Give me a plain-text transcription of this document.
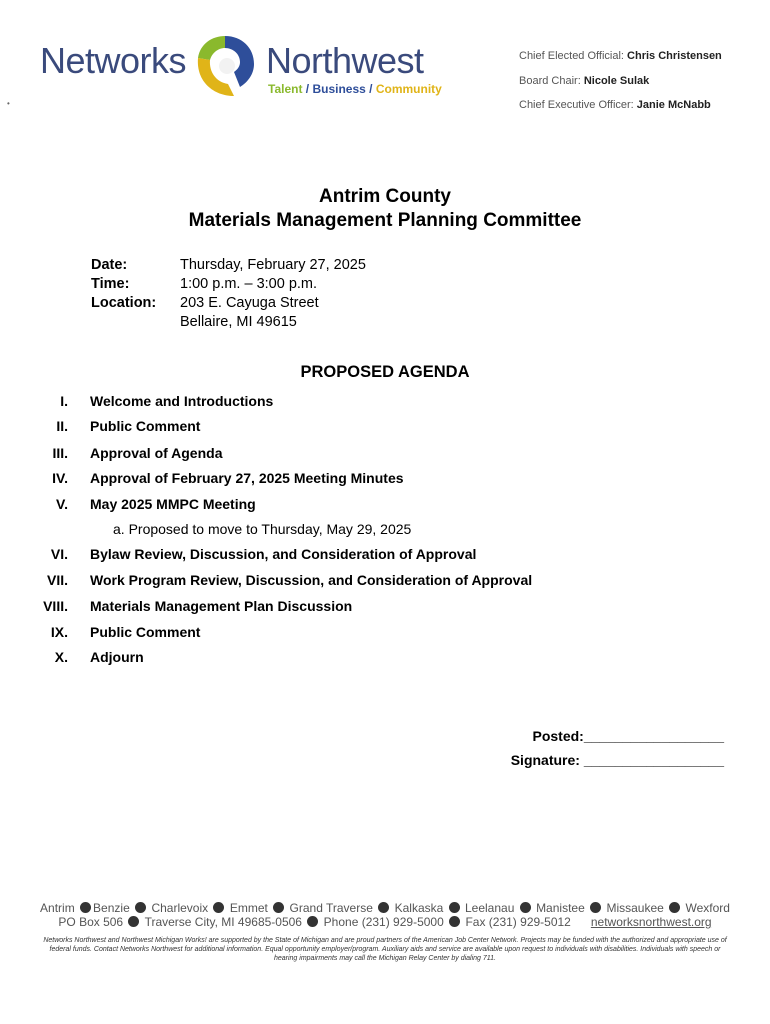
Networks Northwest
Talent / Business / Community
Chief Elected Official: Chris Christensen
Board Chair: Nicole Sulak
Chief Executive Officer: Janie McNabb
•
Antrim County
Materials Management Planning Committee
Date:	Thursday, February 27, 2025
Time:	1:00 p.m. – 3:00 p.m.
Location:	203 E. Cayuga Street
Bellaire, MI 49615
PROPOSED AGENDA
I. Welcome and Introductions
II. Public Comment
III. Approval of Agenda
IV. Approval of February 27, 2025 Meeting Minutes
V. May 2025 MMPC Meeting
a. Proposed to move to Thursday, May 29, 2025
VI. Bylaw Review, Discussion, and Consideration of Approval
VII. Work Program Review, Discussion, and Consideration of Approval
VIII. Materials Management Plan Discussion
IX. Public Comment
X. Adjourn
Posted:__________________
Signature: __________________
Antrim Benzie Charlevoix Emmet Grand Traverse Kalkaska Leelanau Manistee Missaukee Wexford
PO Box 506 Traverse City, MI 49685-0506 Phone (231) 929-5000 Fax (231) 929-5012 networksnorthwest.org
Networks Northwest and Northwest Michigan Works! are supported by the State of Michigan and are proud partners of the American Job Center Network. Projects may be funded with the authorized and appropriate use of federal funds. Contact Networks Northwest for additional information. Equal opportunity employer/program. Auxiliary aids and service are available upon request to individuals with disabilities. Individuals with speech or hearing impairments may call the Michigan Relay Center by dialing 711.
